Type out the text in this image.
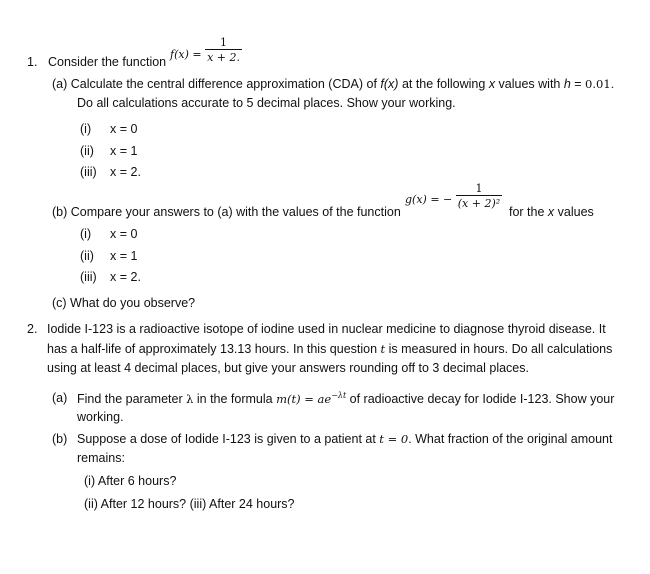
1. Consider the function
$f(x) = \frac{1}{x + 2.}$
(a) Calculate the central difference approximation (CDA) of f(x) at the following x values with h = 0.01.
Do all calculations accurate to 5 decimal places. Show your working.
(i) x = 0
(ii) x = 1
(iii) x = 2.
(b) Compare your answers to (a) with the values of the function
g(x) = − $\frac{1}{\text{(x + 2)²}}$
for the x values
(i) x = 0
(ii) x = 1
(iii) x = 2.
(c) What do you observe?
2. Iodide I-123 is a radioactive isotope of iodine used in nuclear medicine to diagnose thyroid disease. It
has a half-life of approximately 13.13 hours. In this question t is measured in hours. Do all calculations
using at least 4 decimal places, but give your answers rounding off to 3 decimal places.
(a) Find the parameter λ in the formula $m(t) = ae^{-\lambda t}$ of radioactive decay for Iodide I-123. Show your
working.
(b) Suppose a dose of Iodide I-123 is given to a patient at t = 0. What fraction of the original amount
remains:
(i) After 6 hours?
(ii) After 12 hours? (iii) After 24 hours?
